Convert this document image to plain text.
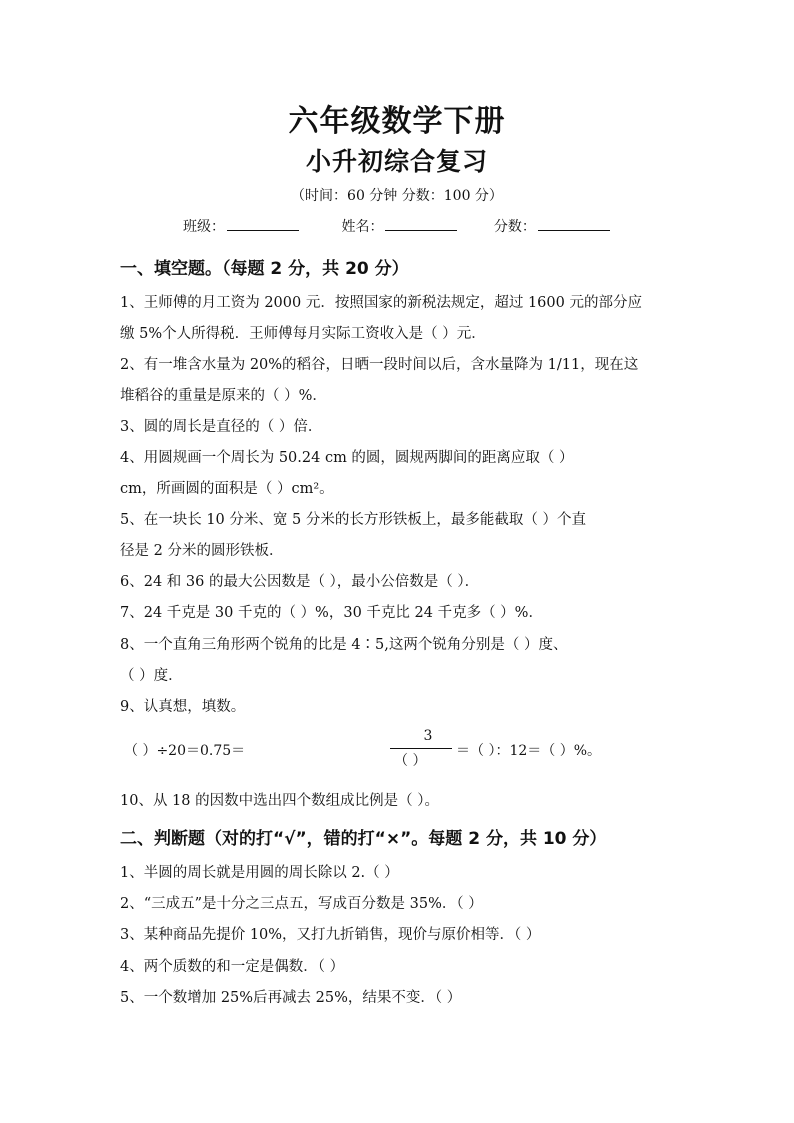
六年级数学下册
小升初综合复习
（时间：60 分钟 分数：100 分）
班级：	姓名：	分数：
一、填空题。（每题 2 分，共 20 分）
1、王师傅的月工资为 2000 元．按照国家的新税法规定，超过 1600 元的部分应
缴 5%个人所得税．王师傅每月实际工资收入是（ ）元．
2、有一堆含水量为 20%的稻谷，日晒一段时间以后，含水量降为 1/11，现在这
堆稻谷的重量是原来的（ ）%．
3、圆的周长是直径的（ ）倍．
4、用圆规画一个周长为 50.24 cm 的圆，圆规两脚间的距离应取（ ）
cm，所画圆的面积是（ ）cm²。
5、在一块长 10 分米、宽 5 分米的长方形铁板上，最多能截取（ ）个直
径是 2 分米的圆形铁板．
6、24 和 36 的最大公因数是（ ），最小公倍数是（ ）．
7、24 千克是 30 千克的（ ）%，30 千克比 24 千克多（ ）%．
8、一个直角三角形两个锐角的比是 4∶5,这两个锐角分别是（ ）度、
（ ）度．
9、认真想，填数。
（ ）÷20＝0.75＝
3
（ ）
＝（ ）：12＝（ ）%。
10、从 18 的因数中选出四个数组成比例是（ ）。
二、判断题（对的打“√”，错的打“×”。每题 2 分，共 10 分）
1、半圆的周长就是用圆的周长除以 2.（ ）
2、“三成五”是十分之三点五，写成百分数是 35%．（ ）
3、某种商品先提价 10%，又打九折销售，现价与原价相等．（ ）
4、两个质数的和一定是偶数．（ ）
5、一个数增加 25%后再减去 25%，结果不变．（ ）
